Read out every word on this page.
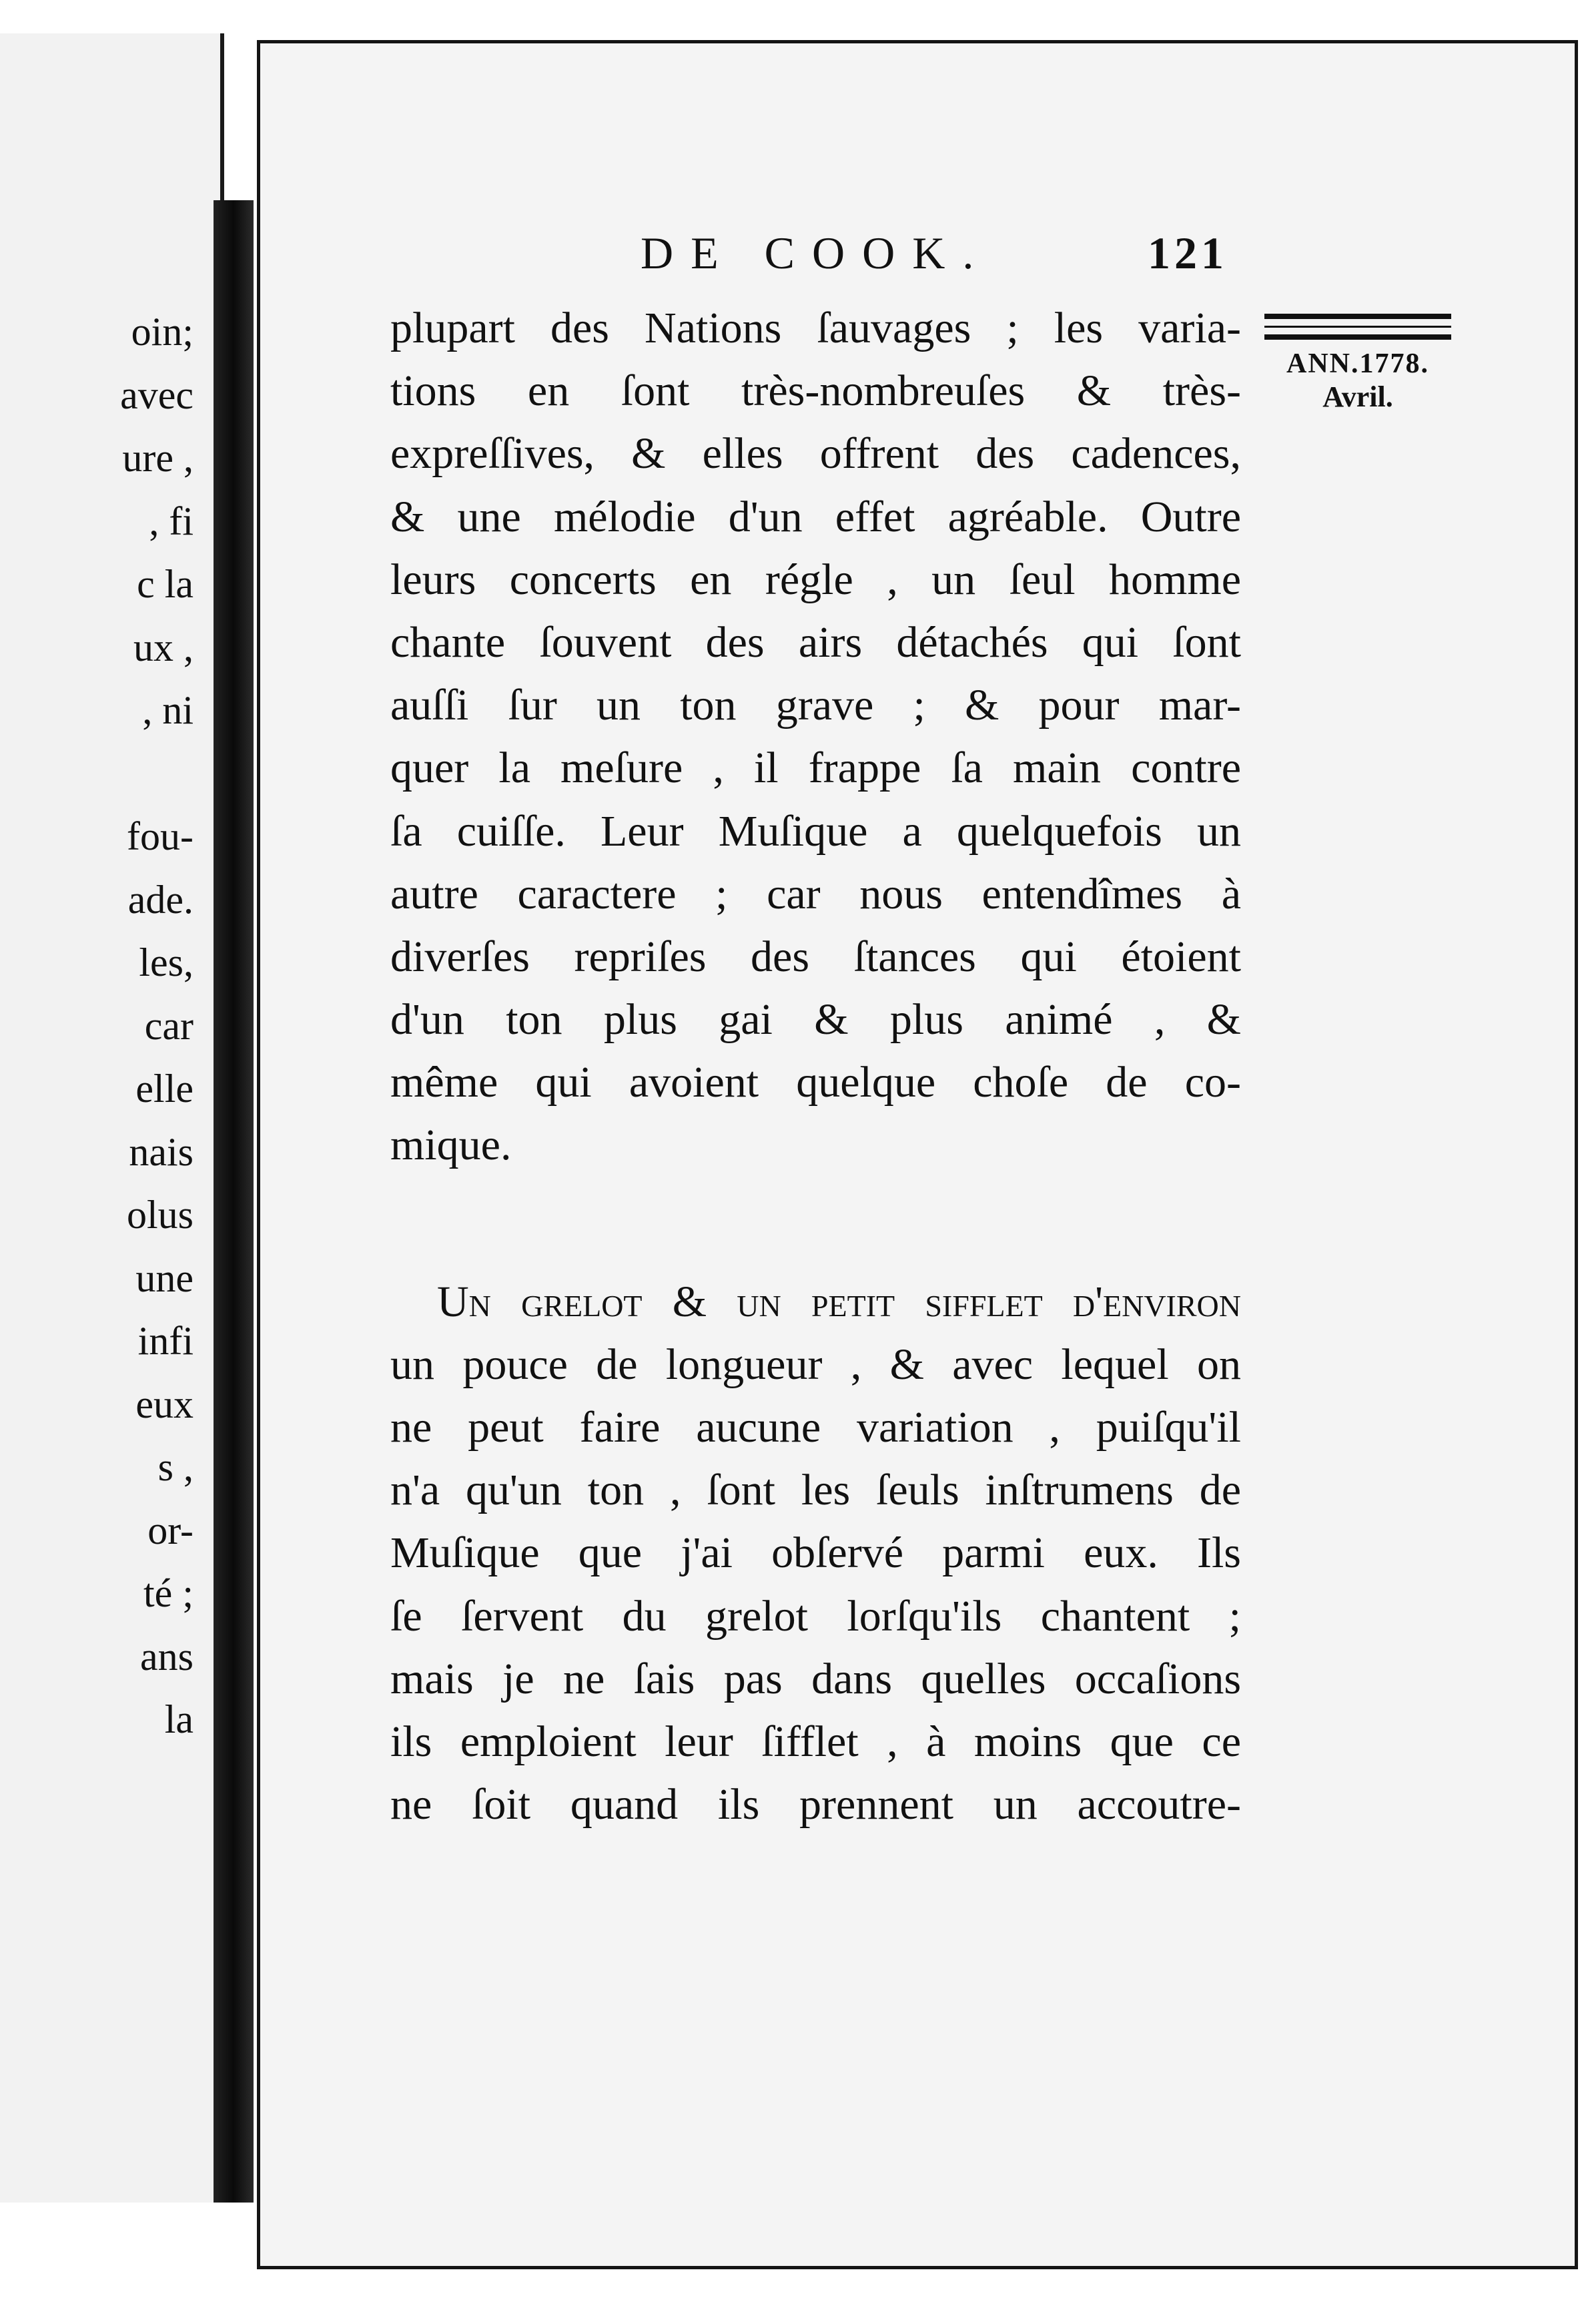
oin;
avec
ure ,
, fi
c la
ux ,
, ni
fou-
ade.
les,
car
elle
nais
olus
une
infi
eux
s ,
or-
té ;
ans
la
DE COOK.	121
ANN.1778.
Avril.
plupart des Nations ſauvages ; les varia-
tions en ſont très-nombreuſes & très-
expreſſives, & elles offrent des cadences,
& une mélodie d'un effet agréable. Outre
leurs concerts en régle , un ſeul homme
chante ſouvent des airs détachés qui ſont
auſſi ſur un ton grave ; & pour mar-
quer la meſure , il frappe ſa main contre
ſa cuiſſe. Leur Muſique a quelquefois un
autre caractere ; car nous entendîmes à
diverſes repriſes des ſtances qui étoient
d'un ton plus gai & plus animé , &
même qui avoient quelque choſe de co-
mique.
Un grelot & un petit ſifflet d'environ
un pouce de longueur , & avec lequel on
ne peut faire aucune variation , puiſqu'il
n'a qu'un ton , ſont les ſeuls inſtrumens de
Muſique que j'ai obſervé parmi eux. Ils
ſe ſervent du grelot lorſqu'ils chantent ;
mais je ne ſais pas dans quelles occaſions
ils emploient leur ſifflet , à moins que ce
ne ſoit quand ils prennent un accoutre-
